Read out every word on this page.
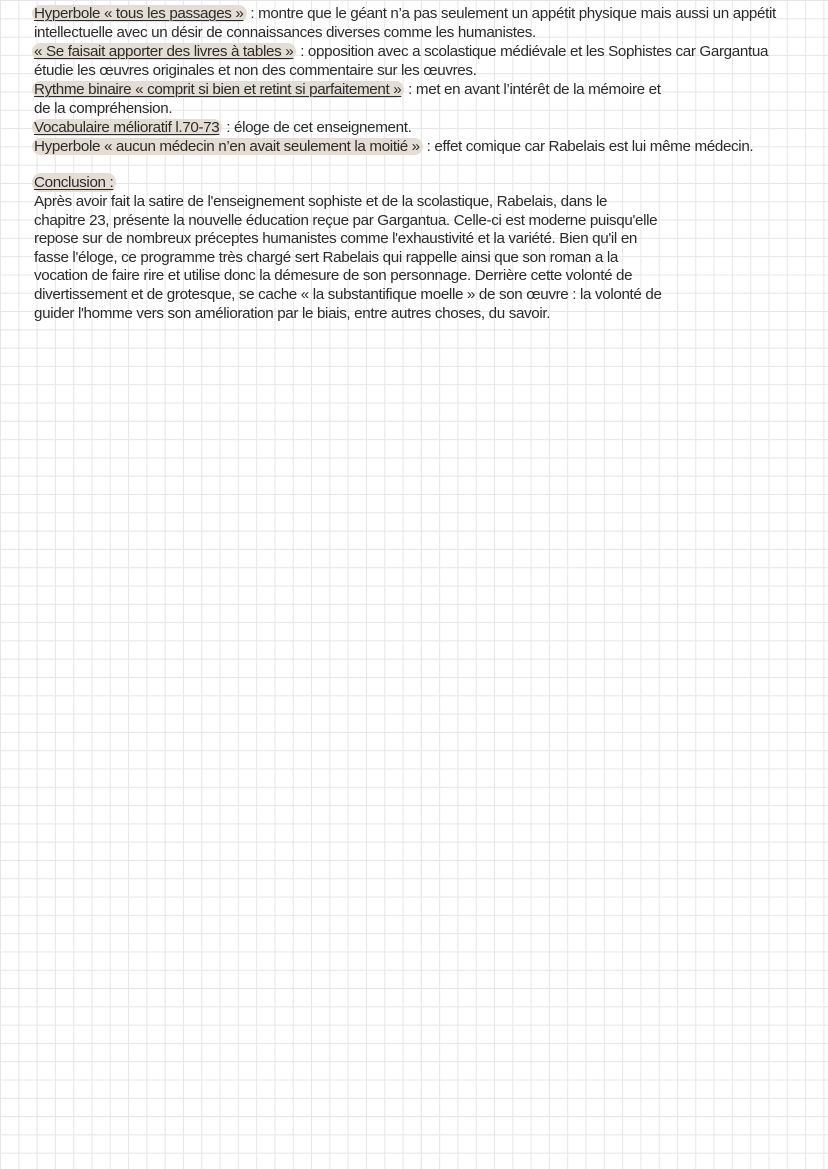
Hyperbole « tous les passages » : montre que le géant n’a pas seulement un appétit physique mais aussi un appétit
intellectuelle avec un désir de connaissances diverses comme les humanistes.
« Se faisait apporter des livres à tables » : opposition avec a scolastique médiévale et les Sophistes car Gargantua
étudie les œuvres originales et non des commentaire sur les œuvres.
Rythme binaire « comprit si bien et retint si parfaitement » : met en avant l’intérêt de la mémoire et
de la compréhension.
Vocabulaire mélioratif l.70-73 : éloge de cet enseignement.
Hyperbole « aucun médecin n’en avait seulement la moitié » : effet comique car Rabelais est lui même médecin.
Conclusion :
Après avoir fait la satire de l'enseignement sophiste et de la scolastique, Rabelais, dans le
chapitre 23, présente la nouvelle éducation reçue par Gargantua. Celle-ci est moderne puisqu'elle
repose sur de nombreux préceptes humanistes comme l'exhaustivité et la variété. Bien qu'il en
fasse l'éloge, ce programme très chargé sert Rabelais qui rappelle ainsi que son roman a la
vocation de faire rire et utilise donc la démesure de son personnage. Derrière cette volonté de
divertissement et de grotesque, se cache « la substantifique moelle » de son œuvre : la volonté de
guider l'homme vers son amélioration par le biais, entre autres choses, du savoir.
